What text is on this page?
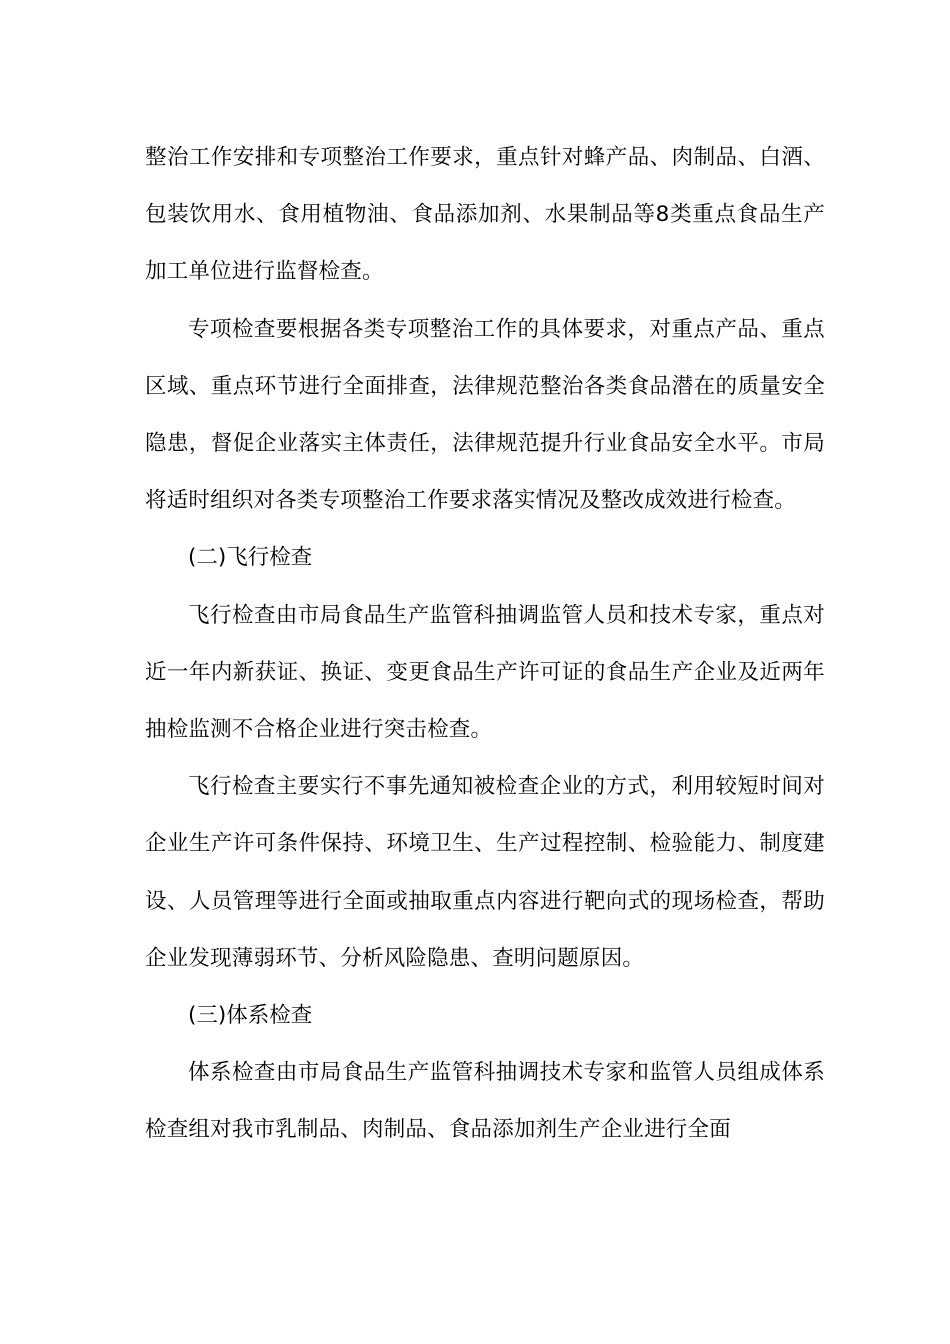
整治工作安排和专项整治工作要求，重点针对蜂产品、肉制品、白酒、包装饮用水、食用植物油、食品添加剂、水果制品等8类重点食品生产加工单位进行监督检查。

专项检查要根据各类专项整治工作的具体要求，对重点产品、重点区域、重点环节进行全面排查，法律规范整治各类食品潜在的质量安全隐患，督促企业落实主体责任，法律规范提升行业食品安全水平。市局将适时组织对各类专项整治工作要求落实情况及整改成效进行检查。

(二)飞行检查

飞行检查由市局食品生产监管科抽调监管人员和技术专家，重点对近一年内新获证、换证、变更食品生产许可证的食品生产企业及近两年抽检监测不合格企业进行突击检查。

飞行检查主要实行不事先通知被检查企业的方式，利用较短时间对企业生产许可条件保持、环境卫生、生产过程控制、检验能力、制度建设、人员管理等进行全面或抽取重点内容进行靶向式的现场检查，帮助企业发现薄弱环节、分析风险隐患、查明问题原因。

(三)体系检查

体系检查由市局食品生产监管科抽调技术专家和监管人员组成体系检查组对我市乳制品、肉制品、食品添加剂生产企业进行全面
